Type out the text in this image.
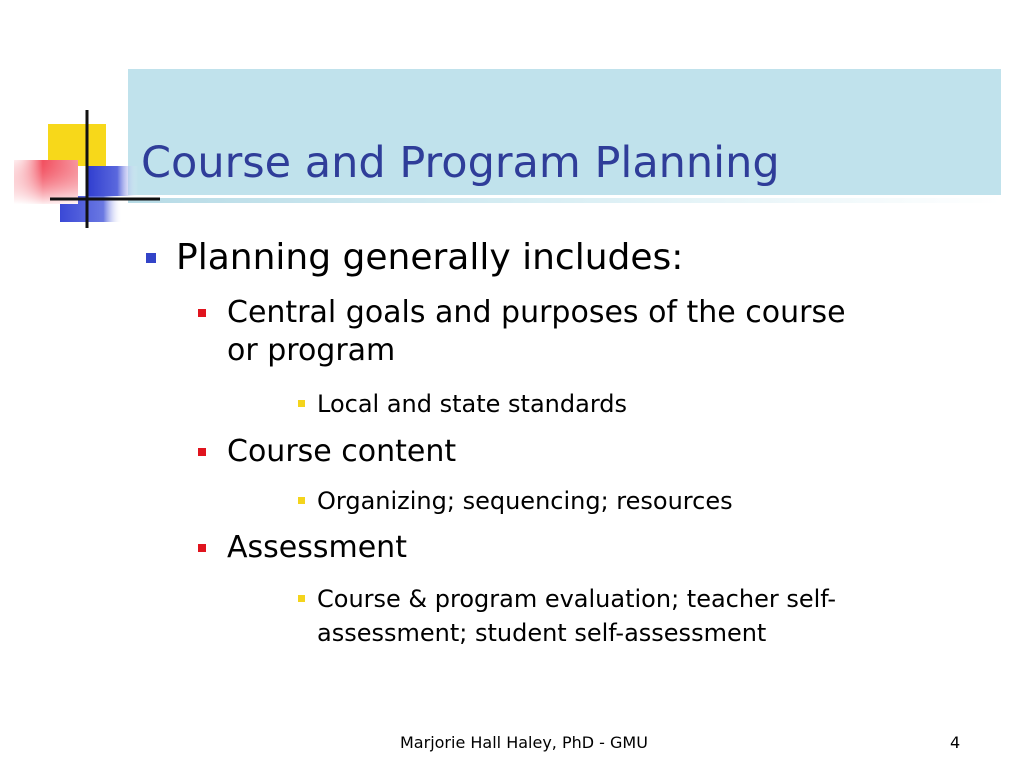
Course and Program Planning
Planning generally includes:
Central goals and purposes of the course
or program
Local and state standards
Course content
Organizing; sequencing; resources
Assessment
Course & program evaluation; teacher self-
assessment; student self-assessment
Marjorie Hall Haley, PhD - GMU	4
